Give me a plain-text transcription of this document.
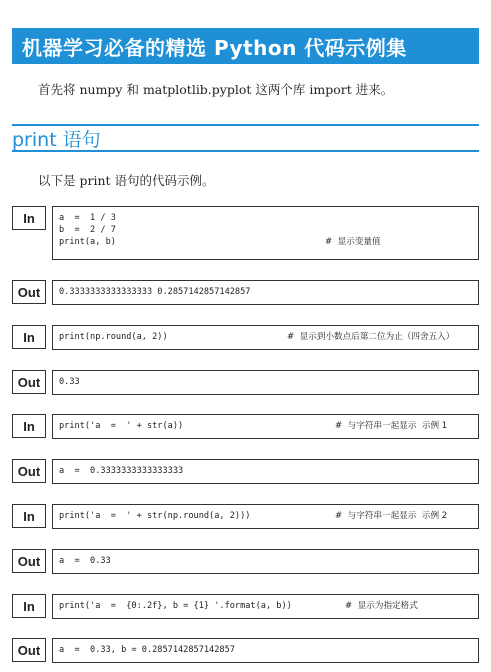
机器学习必备的精选 Python 代码示例集
首先将 numpy 和 matplotlib.pyplot 这两个库 import 进来。
print 语句
以下是 print 语句的代码示例。
In	a  =  1 / 3
b  =  2 / 7
print(a, b)	#  显示变量值
Out	0.3333333333333333 0.2857142857142857
In	print(np.round(a, 2))	#  显示到小数点后第二位为止（四舍五入）
Out	0.33
In	print('a  =  ' + str(a))	#  与字符串一起显示  示例 1
Out	a  =  0.3333333333333333
In	print('a  =  ' + str(np.round(a, 2)))	#  与字符串一起显示  示例 2
Out	a  =  0.33
In	print('a  =  {0:.2f}, b = {1} '.format(a, b))	#  显示为指定格式
Out	a  =  0.33, b = 0.2857142857142857
